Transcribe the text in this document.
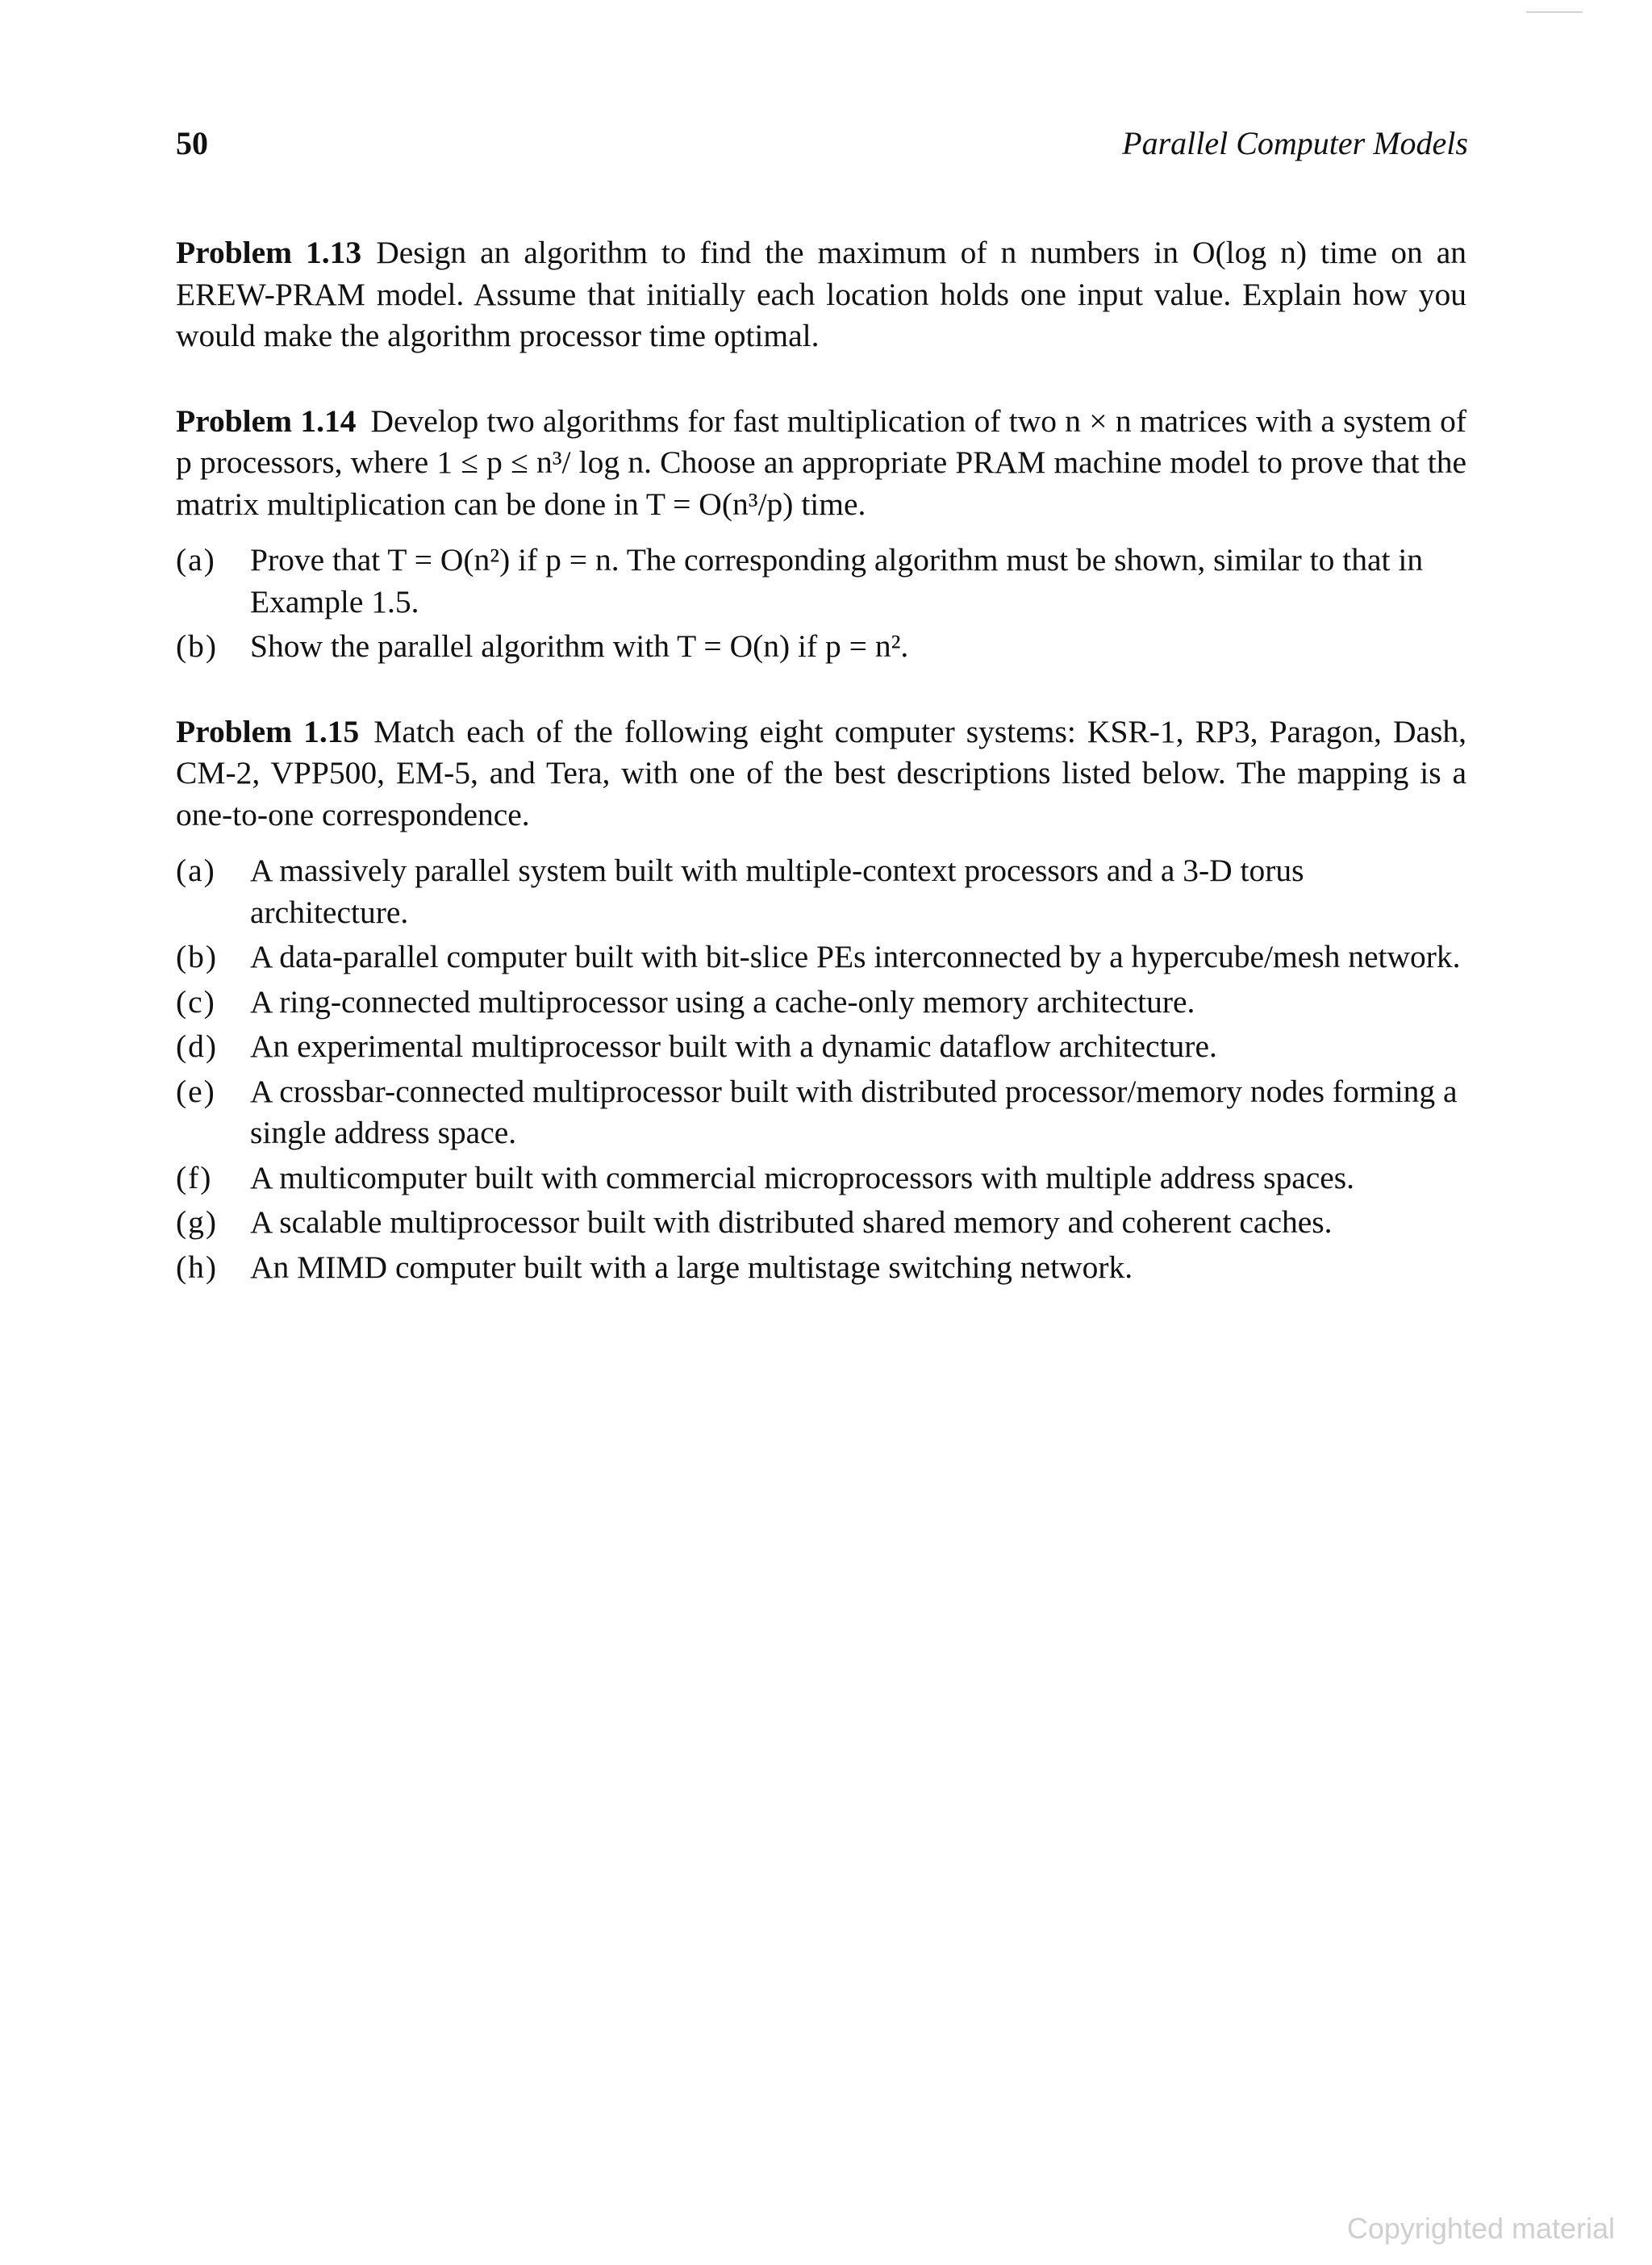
50	Parallel Computer Models

Problem 1.13 Design an algorithm to find the maximum of n numbers in O(log n) time on an EREW-PRAM model. Assume that initially each location holds one input value. Explain how you would make the algorithm processor time optimal.

Problem 1.14 Develop two algorithms for fast multiplication of two n × n matrices with a system of p processors, where 1 ≤ p ≤ n³/ log n. Choose an appropriate PRAM machine model to prove that the matrix multiplication can be done in T = O(n³/p) time.

(a)	Prove that T = O(n²) if p = n. The corresponding algorithm must be shown, similar to that in Example 1.5.
(b)	Show the parallel algorithm with T = O(n) if p = n².

Problem 1.15 Match each of the following eight computer systems: KSR-1, RP3, Paragon, Dash, CM-2, VPP500, EM-5, and Tera, with one of the best descriptions listed below. The mapping is a one-to-one correspondence.

(a)	A massively parallel system built with multiple-context processors and a 3-D torus architecture.
(b)	A data-parallel computer built with bit-slice PEs interconnected by a hypercube/mesh network.
(c)	A ring-connected multiprocessor using a cache-only memory architecture.
(d)	An experimental multiprocessor built with a dynamic dataflow architecture.
(e)	A crossbar-connected multiprocessor built with distributed processor/memory nodes forming a single address space.
(f)	A multicomputer built with commercial microprocessors with multiple address spaces.
(g)	A scalable multiprocessor built with distributed shared memory and coherent caches.
(h)	An MIMD computer built with a large multistage switching network.
Copyrighted material
